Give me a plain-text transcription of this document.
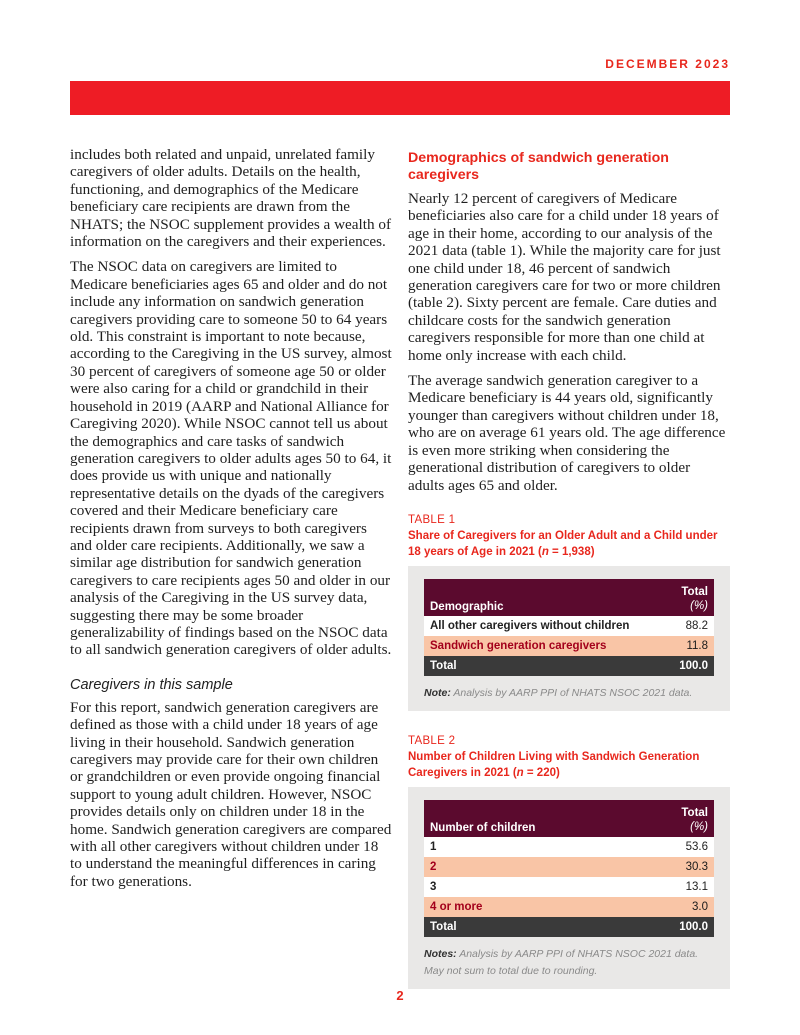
DECEMBER 2023

includes both related and unpaid, unrelated family caregivers of older adults. Details on the health, functioning, and demographics of the Medicare beneficiary care recipients are drawn from the NHATS; the NSOC supplement provides a wealth of information on the caregivers and their experiences.

The NSOC data on caregivers are limited to Medicare beneficiaries ages 65 and older and do not include any information on sandwich generation caregivers providing care to someone 50 to 64 years old. This constraint is important to note because, according to the Caregiving in the US survey, almost 30 percent of caregivers of someone age 50 or older were also caring for a child or grandchild in their household in 2019 (AARP and National Alliance for Caregiving 2020). While NSOC cannot tell us about the demographics and care tasks of sandwich generation caregivers to older adults ages 50 to 64, it does provide us with unique and nationally representative details on the dyads of the caregivers covered and their Medicare beneficiary care recipients drawn from surveys to both caregivers and older care recipients. Additionally, we saw a similar age distribution for sandwich generation caregivers to care recipients ages 50 and older in our analysis of the Caregiving in the US survey data, suggesting there may be some broader generalizability of findings based on the NSOC data to all sandwich generation caregivers of older adults.

Caregivers in this sample

For this report, sandwich generation caregivers are defined as those with a child under 18 years of age living in their household. Sandwich generation caregivers may provide care for their own children or grandchildren or even provide ongoing financial support to young adult children. However, NSOC provides details only on children under 18 in the home. Sandwich generation caregivers are compared with all other caregivers without children under 18 to understand the meaningful differences in caring for two generations.

Demographics of sandwich generation caregivers

Nearly 12 percent of caregivers of Medicare beneficiaries also care for a child under 18 years of age in their home, according to our analysis of the 2021 data (table 1). While the majority care for just one child under 18, 46 percent of sandwich generation caregivers care for two or more children (table 2). Sixty percent are female. Care duties and childcare costs for the sandwich generation caregivers responsible for more than one child at home only increase with each child.

The average sandwich generation caregiver to a Medicare beneficiary is 44 years old, significantly younger than caregivers without children under 18, who are on average 61 years old. The age difference is even more striking when considering the generational distribution of caregivers to older adults ages 65 and older.

TABLE 1
Share of Caregivers for an Older Adult and a Child under 18 years of Age in 2021 (n = 1,938)
Demographic	Total
(%)

All other caregivers without children	88.2
Sandwich generation caregivers	11.8
Total	100.0
Note: Analysis by AARP PPI of NHATS NSOC 2021 data.
TABLE 2
Number of Children Living with Sandwich Generation Caregivers in 2021 (n = 220)
Number of children	Total
(%)

1	53.6
2	30.3
3	13.1
4 or more	3.0
Total	100.0
Notes: Analysis by AARP PPI of NHATS NSOC 2021 data.
May not sum to total due to rounding.
2
